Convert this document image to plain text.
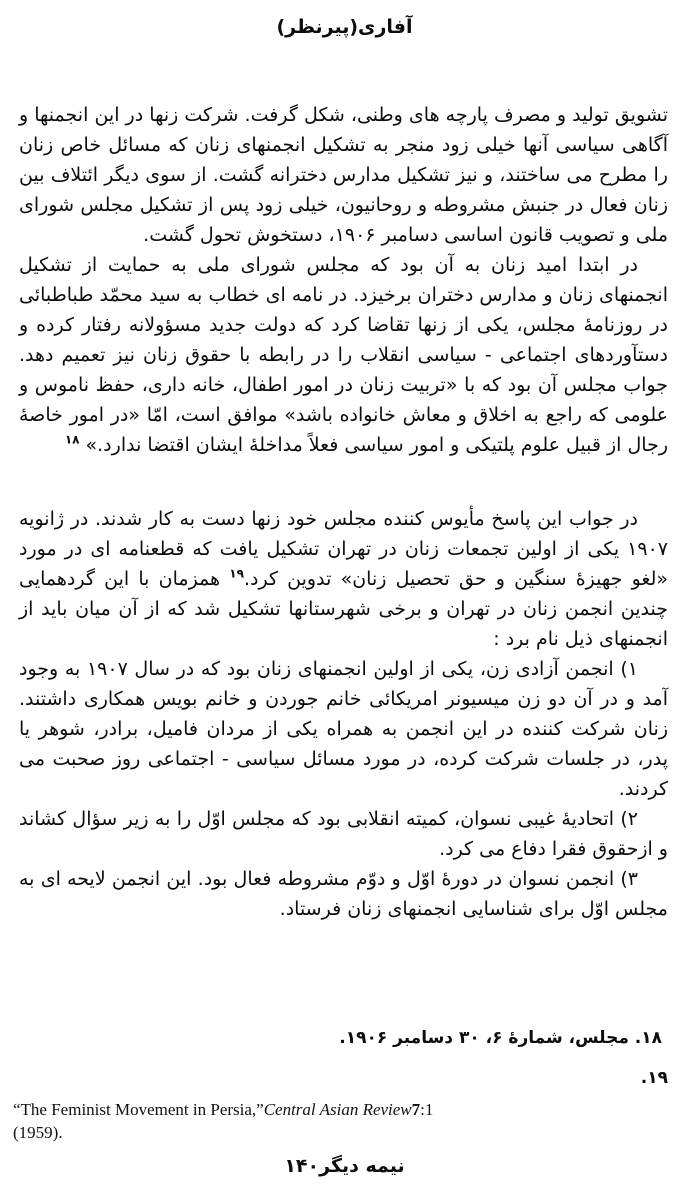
آفاری(پیرنظر)

تشویق تولید و مصرف پارچه های وطنی، شکل گرفت. شرکت زنها در این انجمنها و آگاهی سیاسی آنها خیلی زود منجر به تشکیل انجمنهای زنان که مسائل خاص زنان را مطرح می ساختند، و نیز تشکیل مدارس دخترانه گشت. از سوی دیگر ائتلاف بین زنان فعال در جنبش مشروطه و روحانیون، خیلی زود پس از تشکیل مجلس شورای ملی و تصویب قانون اساسی دسامبر ۱۹۰۶، دستخوش تحول گشت.

در ابتدا امید زنان به آن بود که مجلس شورای ملی به حمایت از تشکیل انجمنهای زنان و مدارس دختران برخیزد. در نامه ای خطاب به سید محمّد طباطبائی در روزنامهٔ مجلس، یکی از زنها تقاضا کرد که دولت جدید مسؤولانه رفتار کرده و دستآوردهای اجتماعی - سیاسی انقلاب را در رابطه با حقوق زنان نیز تعمیم دهد. جواب مجلس آن بود که با «تربیت زنان در امور اطفال، خانه داری، حفظ ناموس و علومی که راجع به اخلاق و معاش خانواده باشد» موافق است، امّا «در امور خاصهٔ رجال از قبیل علوم پلتیکی و امور سیاسی فعلاً مداخلهٔ ایشان اقتضا ندارد.» $^{۱۸}$

در جواب این پاسخ مأیوس کننده مجلس خود زنها دست به کار شدند. در ژانویه ۱۹۰۷ یکی از اولین تجمعات زنان در تهران تشکیل یافت که قطعنامه ای در مورد «لغو جهیزهٔ سنگین و حق تحصیل زنان» تدوین کرد.$^{۱۹}$ همزمان با این گردهمایی چندین انجمن زنان در تهران و برخی شهرستانها تشکیل شد که از آن میان باید از انجمنهای ذیل نام برد :

۱) انجمن آزادی زن، یکی از اولین انجمنهای زنان بود که در سال ۱۹۰۷ به وجود آمد و در آن دو زن میسیونر امریکائی خانم جوردن و خانم بویس همکاری داشتند. زنان شرکت کننده در این انجمن به همراه یکی از مردان فامیل، برادر، شوهر یا پدر، در جلسات شرکت کرده، در مورد مسائل سیاسی - اجتماعی روز صحبت می کردند.

۲) اتحادیهٔ غیبی نسوان، کمیته انقلابی بود که مجلس اوّل را به زیر سؤال کشاند و ازحقوق فقرا دفاع می کرد.

۳) انجمن نسوان در دورهٔ اوّل و دوّم مشروطه فعال بود. این انجمن لایحه ای به مجلس اوّل برای شناسایی انجمنهای زنان فرستاد.

۱۸. مجلس، شمارهٔ ۶، ۳۰ دسامبر ۱۹۰۶.
۱۹.
“The Feminist Movement in Persia,”Central Asian Review7:1
(1959).
نیمه دیگر۱۴۰
